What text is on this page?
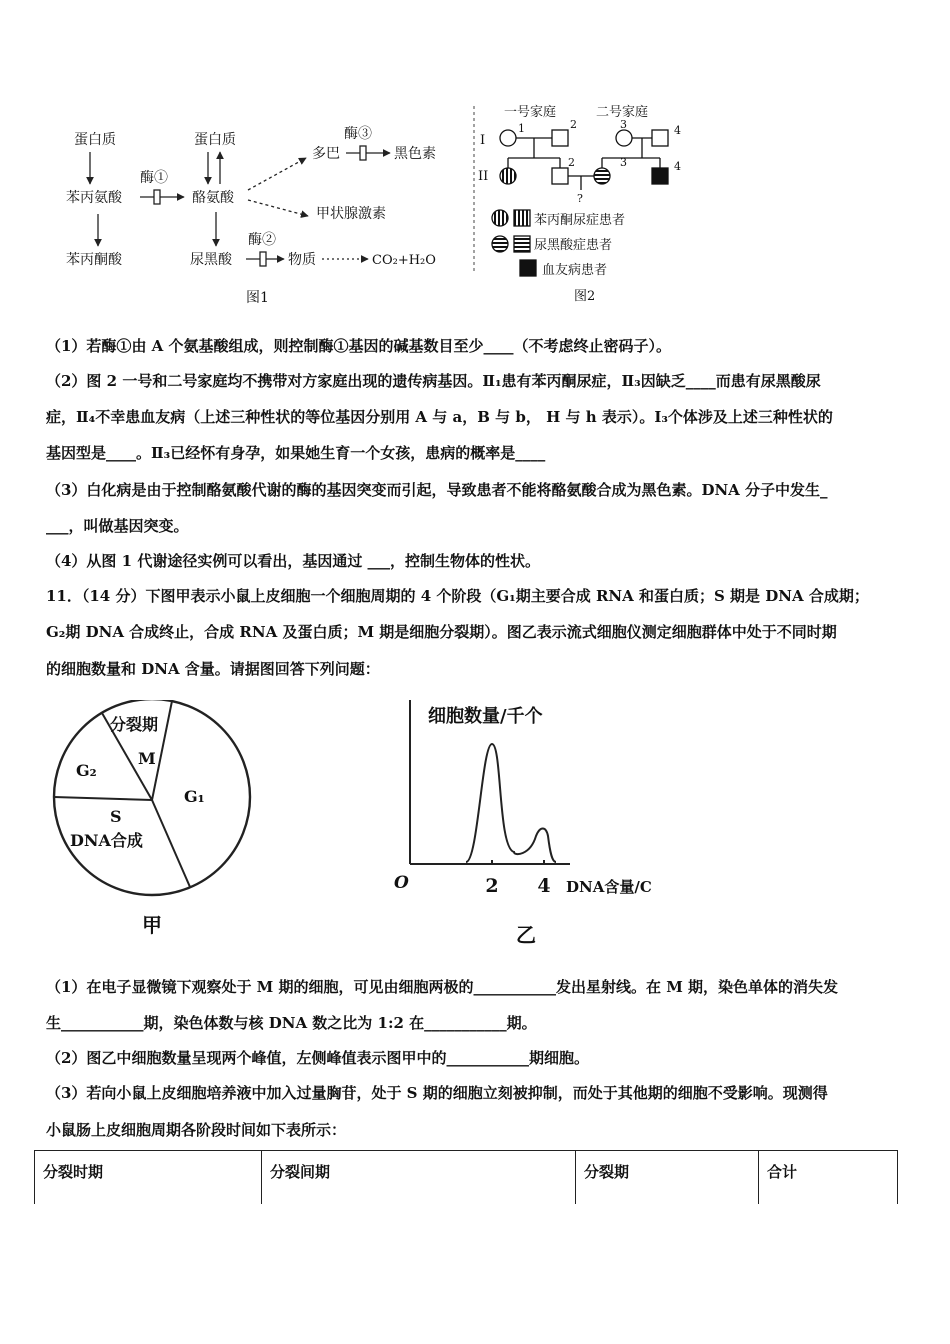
蛋白质
苯丙氨酸
苯丙酮酸
蛋白质
酪氨酸
尿黑酸
多巴	黑色素
甲状腺激素
物质	CO₂+H₂O
酶①
酶②
酶③
图1
一号家庭	二号家庭
I
II
1	2
2
3	4
3	4
?
苯丙酮尿症患者
尿黑酸症患者
血友病患者
图2
（1）若酶①由 A 个氨基酸组成，则控制酶①基因的碱基数目至少____（不考虑终止密码子）。
（2）图 2 一号和二号家庭均不携带对方家庭出现的遗传病基因。Ⅱ₁患有苯丙酮尿症，Ⅱ₃因缺乏____而患有尿黑酸尿
症，Ⅱ₄不幸患血友病（上述三种性状的等位基因分别用 A 与 a，B 与 b， H 与 h 表示）。I₃个体涉及上述三种性状的
基因型是____。Ⅱ₃已经怀有身孕，如果她生育一个女孩，患病的概率是____
（3）白化病是由于控制酪氨酸代谢的酶的基因突变而引起，导致患者不能将酪氨酸合成为黑色素。DNA 分子中发生_
___，叫做基因突变。
（4）从图 1 代谢途径实例可以看出，基因通过 ___，控制生物体的性状。
11．（14 分）下图甲表示小鼠上皮细胞一个细胞周期的 4 个阶段（G₁期主要合成 RNA 和蛋白质；S 期是 DNA 合成期；
G₂期 DNA 合成终止，合成 RNA 及蛋白质；M 期是细胞分裂期）。图乙表示流式细胞仪测定细胞群体中处于不同时期
的细胞数量和 DNA 含量。请据图回答下列问题：
分裂期
M
G₂
G₁
S
DNA合成
甲
细胞数量/千个
O	2 4 DNA含量/C
乙
（1）在电子显微镜下观察处于 M 期的细胞，可见由细胞两极的___________发出星射线。在 M 期，染色单体的消失发
生___________期，染色体数与核 DNA 数之比为 1:2 在___________期。
（2）图乙中细胞数量呈现两个峰值，左侧峰值表示图甲中的___________期细胞。
（3）若向小鼠上皮细胞培养液中加入过量胸苷，处于 S 期的细胞立刻被抑制，而处于其他期的细胞不受影响。现测得
小鼠肠上皮细胞周期各阶段时间如下表所示：
分裂时期	分裂间期	分裂期	合计
